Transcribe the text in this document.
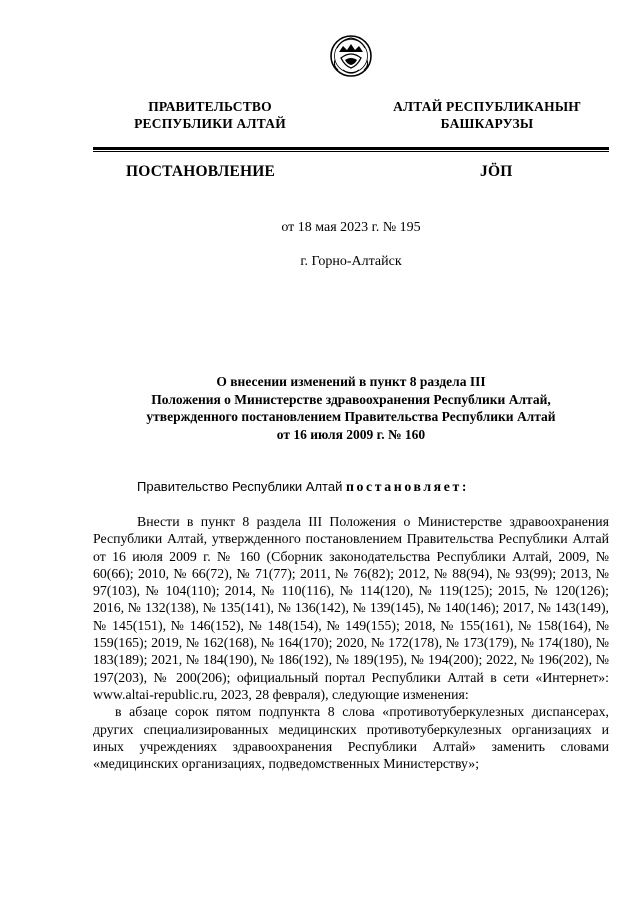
ПРАВИТЕЛЬСТВО
РЕСПУБЛИКИ АЛТАЙ
АЛТАЙ РЕСПУБЛИКАНЫҤ
БАШКАРУЗЫ
ПОСТАНОВЛЕНИЕ	JӦП
от 18 мая 2023 г. № 195
г. Горно-Алтайск
О внесении изменений в пункт 8 раздела III
Положения о Министерстве здравоохранения Республики Алтай,
утвержденного постановлением Правительства Республики Алтай
от 16 июля 2009 г. № 160
Правительство Республики Алтай постановляет:

Внести в пункт 8 раздела III Положения о Министерстве здравоохранения Республики Алтай, утвержденного постановлением Правительства Республики Алтай от 16 июля 2009 г. № 160 (Сборник законодательства Республики Алтай, 2009, № 60(66); 2010, № 66(72), № 71(77); 2011, № 76(82); 2012, № 88(94), № 93(99); 2013, № 97(103), № 104(110); 2014, № 110(116), № 114(120), № 119(125); 2015, № 120(126); 2016, № 132(138), № 135(141), № 136(142), № 139(145), № 140(146); 2017, № 143(149), № 145(151), № 146(152), № 148(154), № 149(155); 2018, № 155(161), № 158(164), № 159(165); 2019, № 162(168), № 164(170); 2020, № 172(178), № 173(179), № 174(180), № 183(189); 2021, № 184(190), № 186(192), № 189(195), № 194(200); 2022, № 196(202), № 197(203), № 200(206); официальный портал Республики Алтай в сети «Интернет»: www.altai-republic.ru, 2023, 28 февраля), следующие изменения:

в абзаце сорок пятом подпункта 8 слова «противотуберкулезных диспансерах, других специализированных медицинских противотуберкулезных организациях и иных учреждениях здравоохранения Республики Алтай» заменить словами «медицинских организациях, подведомственных Министерству»;
